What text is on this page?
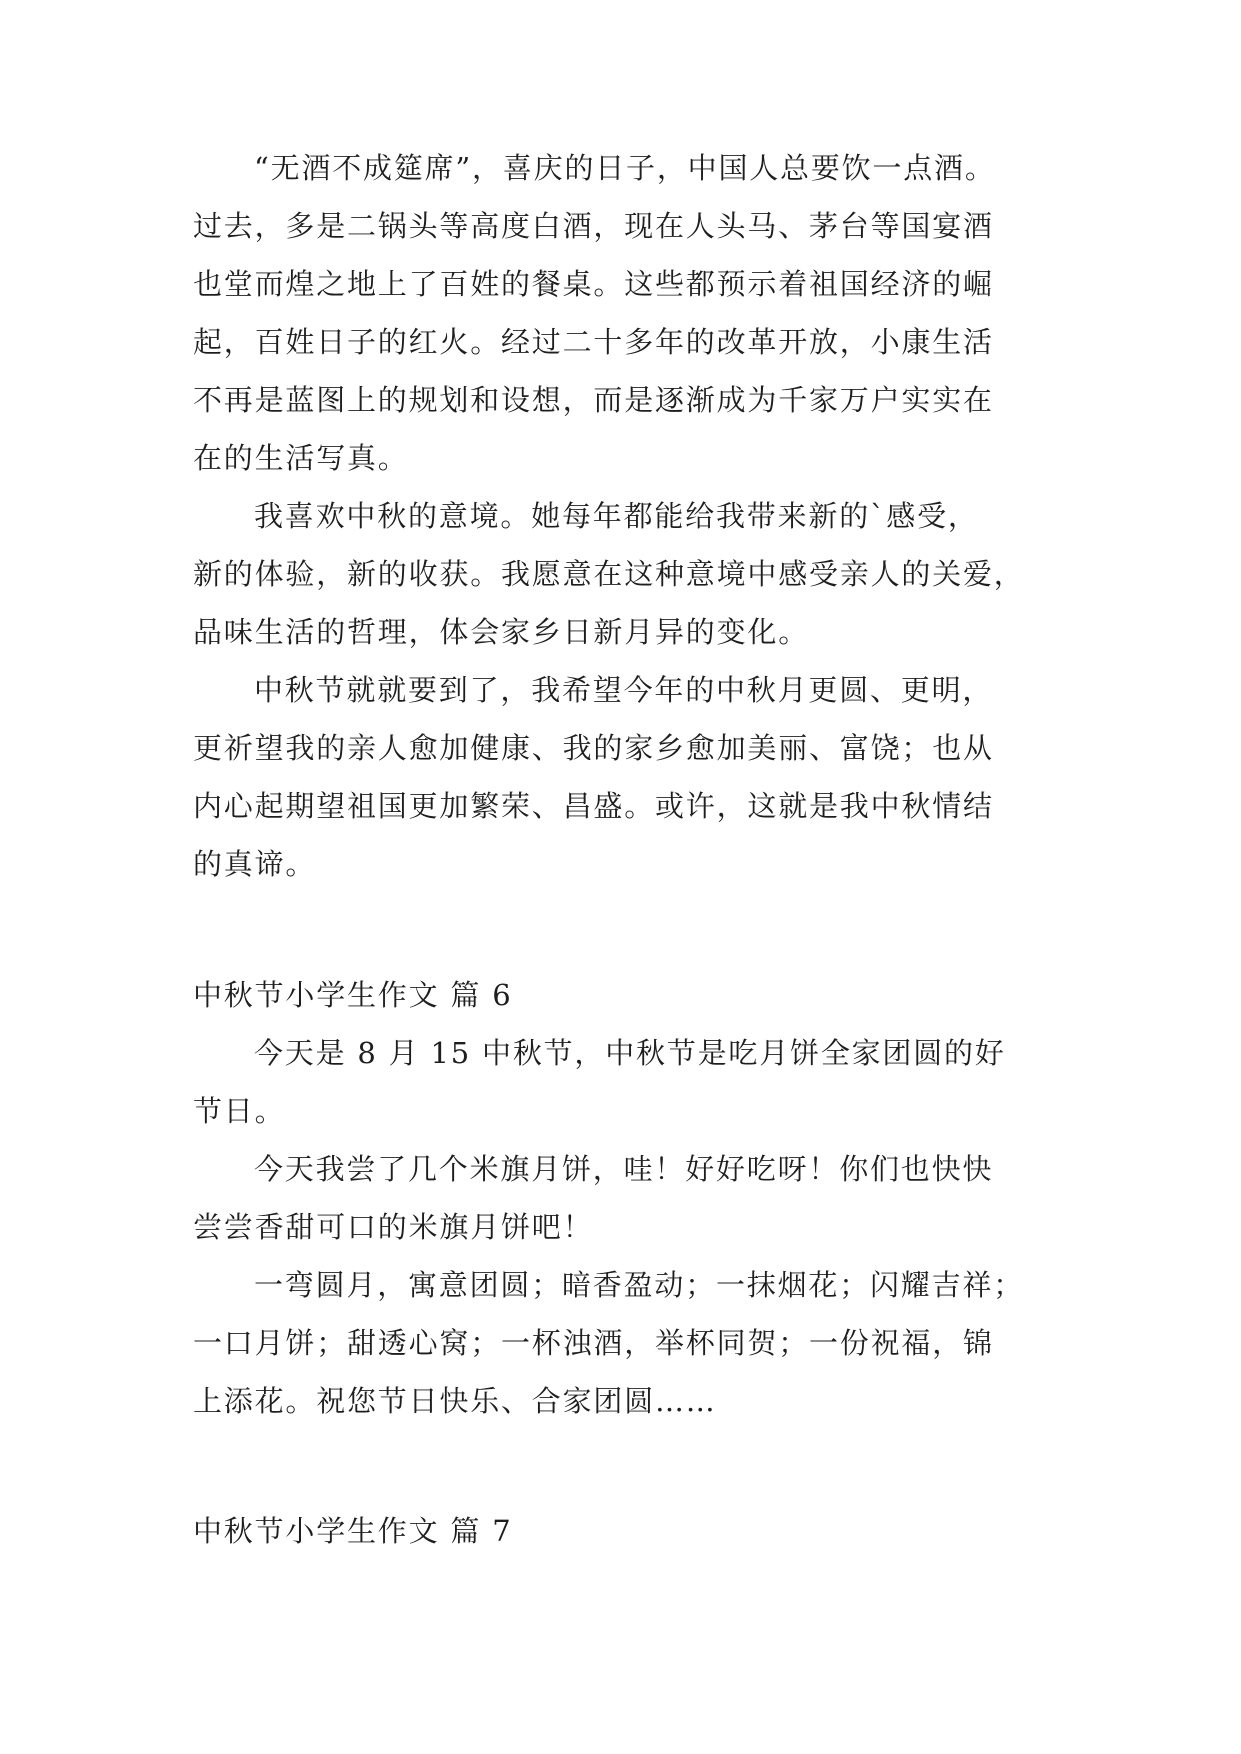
“无酒不成筵席”，喜庆的日子，中国人总要饮一点酒。

过去，多是二锅头等高度白酒，现在人头马、茅台等国宴酒

也堂而煌之地上了百姓的餐桌。这些都预示着祖国经济的崛

起，百姓日子的红火。经过二十多年的改革开放，小康生活

不再是蓝图上的规划和设想，而是逐渐成为千家万户实实在

在的生活写真。

我喜欢中秋的意境。她每年都能给我带来新的`感受，

新的体验，新的收获。我愿意在这种意境中感受亲人的关爱，

品味生活的哲理，体会家乡日新月异的变化。

中秋节就就要到了，我希望今年的中秋月更圆、更明，

更祈望我的亲人愈加健康、我的家乡愈加美丽、富饶；也从

内心起期望祖国更加繁荣、昌盛。或许，这就是我中秋情结

的真谛。

中秋节小学生作文 篇 6

今天是 8 月 15 中秋节，中秋节是吃月饼全家团圆的好

节日。

今天我尝了几个米旗月饼，哇！好好吃呀！你们也快快

尝尝香甜可口的米旗月饼吧！

一弯圆月，寓意团圆；暗香盈动；一抹烟花；闪耀吉祥；

一口月饼；甜透心窝；一杯浊酒，举杯同贺；一份祝福，锦

上添花。祝您节日快乐、合家团圆……

中秋节小学生作文 篇 7
